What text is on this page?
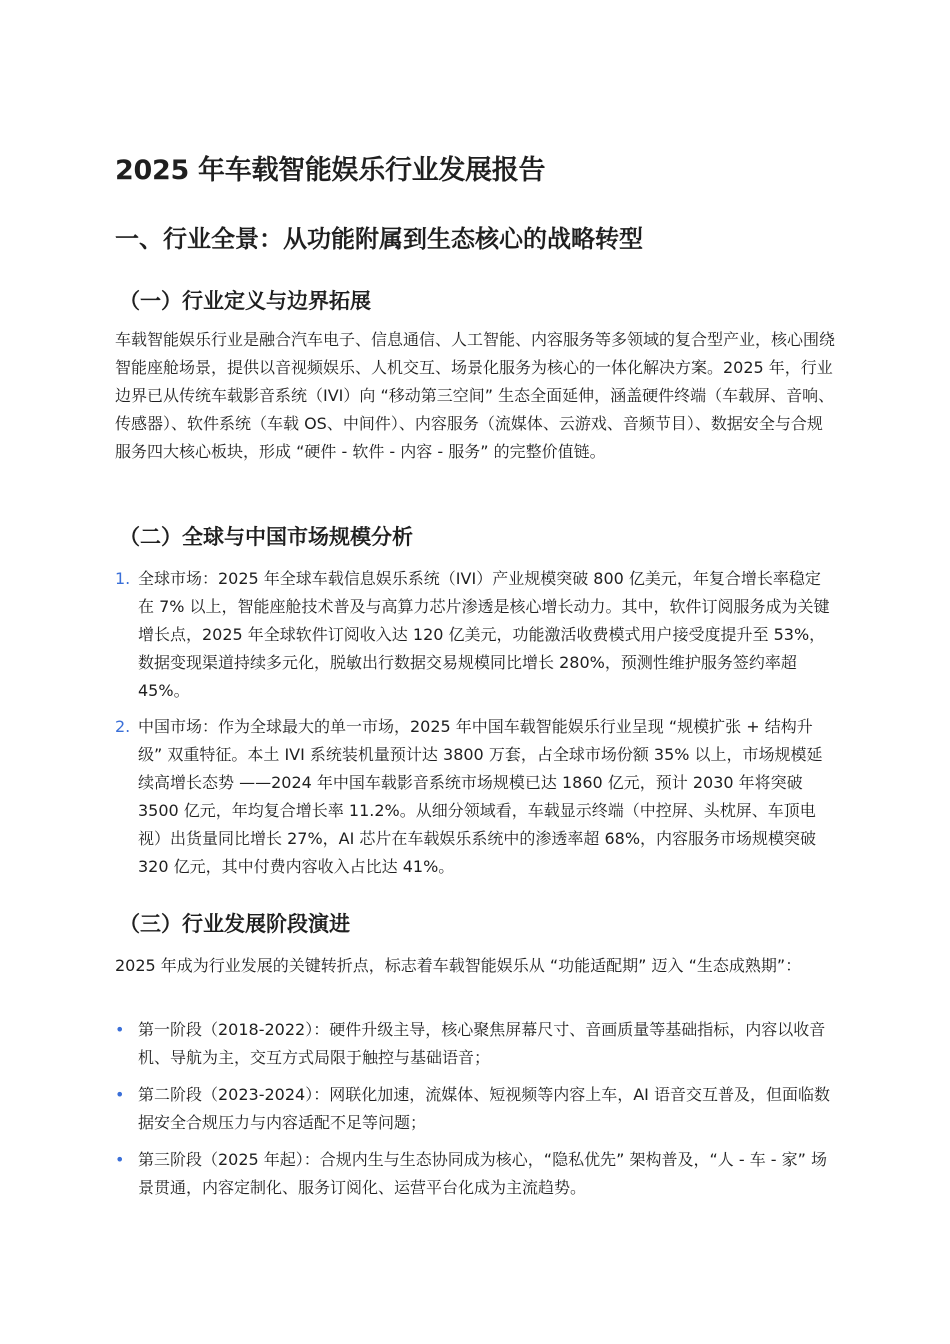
2025 年车载智能娱乐行业发展报告
一、行业全景：从功能附属到生态核心的战略转型
（一）行业定义与边界拓展

车载智能娱乐行业是融合汽车电子、信息通信、人工智能、内容服务等多领域的复合型产业，核心围绕智能座舱场景，提供以音视频娱乐、人机交互、场景化服务为核心的一体化解决方案。2025 年，行业边界已从传统车载影音系统（IVI）向 “移动第三空间” 生态全面延伸，涵盖硬件终端（车载屏、音响、传感器）、软件系统（车载 OS、中间件）、内容服务（流媒体、云游戏、音频节目）、数据安全与合规服务四大核心板块，形成 “硬件 - 软件 - 内容 - 服务” 的完整价值链。

（二）全球与中国市场规模分析
1. 全球市场：2025 年全球车载信息娱乐系统（IVI）产业规模突破 800 亿美元，年复合增长率稳定在 7% 以上，智能座舱技术普及与高算力芯片渗透是核心增长动力。其中，软件订阅服务成为关键增长点，2025 年全球软件订阅收入达 120 亿美元，功能激活收费模式用户接受度提升至 53%，数据变现渠道持续多元化，脱敏出行数据交易规模同比增长 280%，预测性维护服务签约率超 45%。
2. 中国市场：作为全球最大的单一市场，2025 年中国车载智能娱乐行业呈现 “规模扩张 + 结构升级” 双重特征。本土 IVI 系统装机量预计达 3800 万套，占全球市场份额 35% 以上，市场规模延续高增长态势 ——2024 年中国车载影音系统市场规模已达 1860 亿元，预计 2030 年将突破 3500 亿元，年均复合增长率 11.2%。从细分领域看，车载显示终端（中控屏、头枕屏、车顶电视）出货量同比增长 27%，AI 芯片在车载娱乐系统中的渗透率超 68%，内容服务市场规模突破 320 亿元，其中付费内容收入占比达 41%。
（三）行业发展阶段演进

2025 年成为行业发展的关键转折点，标志着车载智能娱乐从 “功能适配期” 迈入 “生态成熟期”：

• 第一阶段（2018-2022）：硬件升级主导，核心聚焦屏幕尺寸、音画质量等基础指标，内容以收音机、导航为主，交互方式局限于触控与基础语音；
• 第二阶段（2023-2024）：网联化加速，流媒体、短视频等内容上车，AI 语音交互普及，但面临数据安全合规压力与内容适配不足等问题；
• 第三阶段（2025 年起）：合规内生与生态协同成为核心，“隐私优先” 架构普及，“人 - 车 - 家” 场景贯通，内容定制化、服务订阅化、运营平台化成为主流趋势。
